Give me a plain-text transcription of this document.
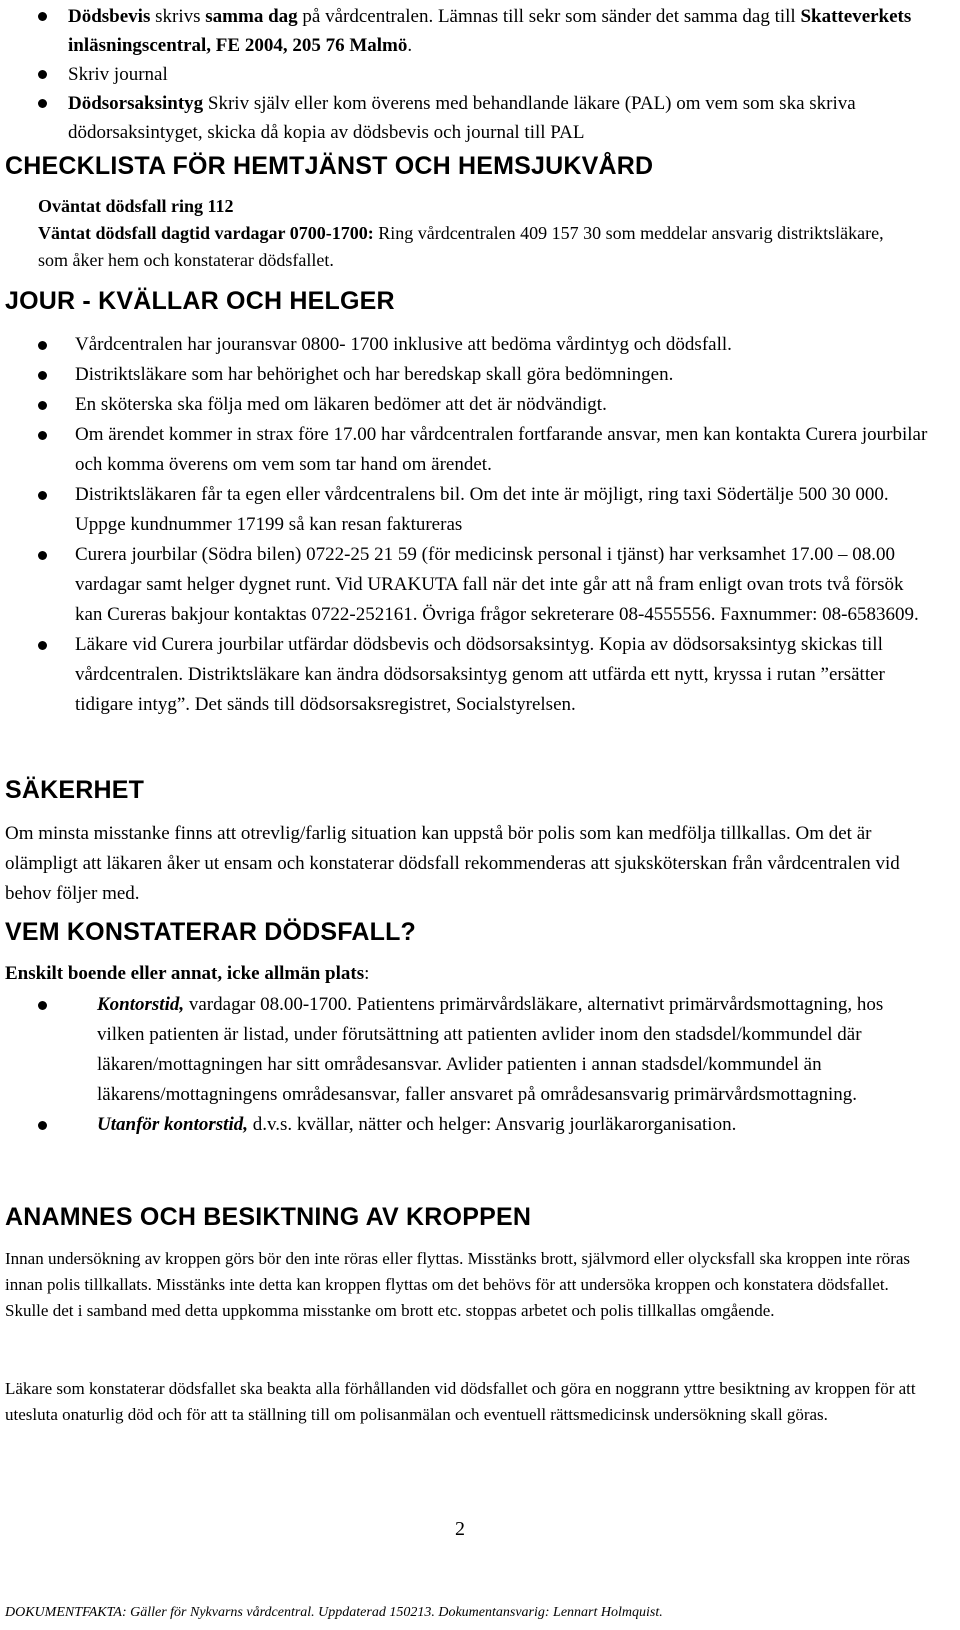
Dödsbevis skrivs samma dag på vårdcentralen. Lämnas till sekr som sänder det samma dag till Skatteverkets inläsningscentral, FE 2004, 205 76 Malmö.
Skriv journal
Dödsorsaksintyg Skriv själv eller kom överens med behandlande läkare (PAL) om vem som ska skriva dödorsaksintyget, skicka då kopia av dödsbevis och journal till PAL
CHECKLISTA FÖR HEMTJÄNST OCH HEMSJUKVÅRD
Oväntat dödsfall ring 112
Väntat dödsfall dagtid vardagar 0700-1700: Ring vårdcentralen 409 157 30 som meddelar ansvarig distriktsläkare, som åker hem och konstaterar dödsfallet.
JOUR - KVÄLLAR OCH HELGER
Vårdcentralen har jouransvar 0800- 1700 inklusive att bedöma vårdintyg och dödsfall.
Distriktsläkare som har behörighet och har beredskap skall göra bedömningen.
En sköterska ska följa med om läkaren bedömer att det är nödvändigt.
Om ärendet kommer in strax före 17.00 har vårdcentralen fortfarande ansvar, men kan kontakta Curera jourbilar och komma överens om vem som tar hand om ärendet.
Distriktsläkaren får ta egen eller vårdcentralens bil. Om det inte är möjligt, ring taxi Södertälje 500 30 000. Uppge kundnummer 17199 så kan resan faktureras
Curera jourbilar (Södra bilen) 0722-25 21 59 (för medicinsk personal i tjänst) har verksamhet 17.00 – 08.00 vardagar samt helger dygnet runt. Vid URAKUTA fall när det inte går att nå fram enligt ovan trots två försök kan Cureras bakjour kontaktas 0722-252161. Övriga frågor sekreterare 08-4555556. Faxnummer: 08-6583609.
Läkare vid Curera jourbilar utfärdar dödsbevis och dödsorsaksintyg. Kopia av dödsorsaksintyg skickas till vårdcentralen. Distriktsläkare kan ändra dödsorsaksintyg genom att utfärda ett nytt, kryssa i rutan ”ersätter tidigare intyg”. Det sänds till dödsorsaksregistret, Socialstyrelsen.
SÄKERHET

Om minsta misstanke finns att otrevlig/farlig situation kan uppstå bör polis som kan medfölja tillkallas. Om det är olämpligt att läkaren åker ut ensam och konstaterar dödsfall rekommenderas att sjuksköterskan från vårdcentralen vid behov följer med.

VEM KONSTATERAR DÖDSFALL?
Enskilt boende eller annat, icke allmän plats:
Kontorstid, vardagar 08.00-1700. Patientens primärvårdsläkare, alternativt primärvårdsmottagning, hos vilken patienten är listad, under förutsättning att patienten avlider inom den stadsdel/kommundel där läkaren/mottagningen har sitt områdesansvar. Avlider patienten i annan stadsdel/kommundel än läkarens/mottagningens områdesansvar, faller ansvaret på områdesansvarig primärvårdsmottagning.
Utanför kontorstid, d.v.s. kvällar, nätter och helger: Ansvarig jourläkarorganisation.
ANAMNES OCH BESIKTNING AV KROPPEN

Innan undersökning av kroppen görs bör den inte röras eller flyttas. Misstänks brott, självmord eller olycksfall ska kroppen inte röras innan polis tillkallats. Misstänks inte detta kan kroppen flyttas om det behövs för att undersöka kroppen och konstatera dödsfallet. Skulle det i samband med detta uppkomma misstanke om brott etc. stoppas arbetet och polis tillkallas omgående.

Läkare som konstaterar dödsfallet ska beakta alla förhållanden vid dödsfallet och göra en noggrann yttre besiktning av kroppen för att utesluta onaturlig död och för att ta ställning till om polisanmälan och eventuell rättsmedicinsk undersökning skall göras.

2
DOKUMENTFAKTA: Gäller för Nykvarns vårdcentral. Uppdaterad 150213. Dokumentansvarig: Lennart Holmquist.
